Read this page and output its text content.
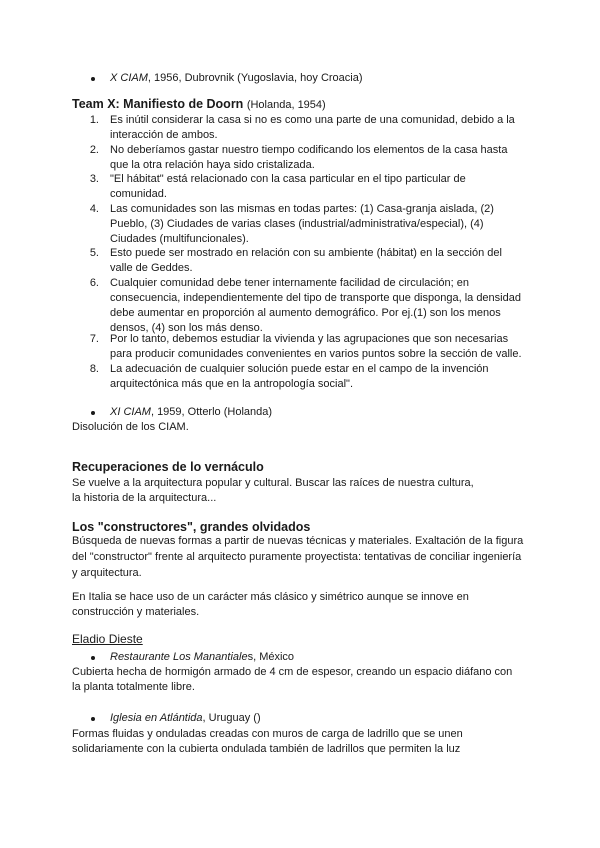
X CIAM, 1956, Dubrovnik (Yugoslavia, hoy Croacia)
Team X: Manifiesto de Doorn (Holanda, 1954)
1. Es inútil considerar la casa si no es como una parte de una comunidad, debido a la
interacción de ambos.
2. No deberíamos gastar nuestro tiempo codificando los elementos de la casa hasta
que la otra relación haya sido cristalizada.
3. "El hábitat" está relacionado con la casa particular en el tipo particular de
comunidad.
4. Las comunidades son las mismas en todas partes: (1) Casa-granja aislada, (2)
Pueblo, (3) Ciudades de varias clases (industrial/administrativa/especial), (4)
Ciudades (multifuncionales).
5. Esto puede ser mostrado en relación con su ambiente (hábitat) en la sección del
valle de Geddes.
6. Cualquier comunidad debe tener internamente facilidad de circulación; en
consecuencia, independientemente del tipo de transporte que disponga, la densidad
debe aumentar en proporción al aumento demográfico. Por ej.(1) son los menos
densos, (4) son los más denso.
7. Por lo tanto, debemos estudiar la vivienda y las agrupaciones que son necesarias
para producir comunidades convenientes en varios puntos sobre la sección de valle.
8. La adecuación de cualquier solución puede estar en el campo de la invención
arquitectónica más que en la antropología social".
XI CIAM, 1959, Otterlo (Holanda)
Disolución de los CIAM.
Recuperaciones de lo vernáculo
Se vuelve a la arquitectura popular y cultural. Buscar las raíces de nuestra cultura,
la historia de la arquitectura...
Los "constructores", grandes olvidados
Búsqueda de nuevas formas a partir de nuevas técnicas y materiales. Exaltación de la figura
del "constructor" frente al arquitecto puramente proyectista: tentativas de conciliar ingeniería
y arquitectura.
En Italia se hace uso de un carácter más clásico y simétrico aunque se innove en
construcción y materiales.
Eladio Dieste
Restaurante Los Manantiales, México
Cubierta hecha de hormigón armado de 4 cm de espesor, creando un espacio diáfano con
la planta totalmente libre.
Iglesia en Atlántida, Uruguay ()
Formas fluidas y onduladas creadas con muros de carga de ladrillo que se unen
solidariamente con la cubierta ondulada también de ladrillos que permiten la luz
